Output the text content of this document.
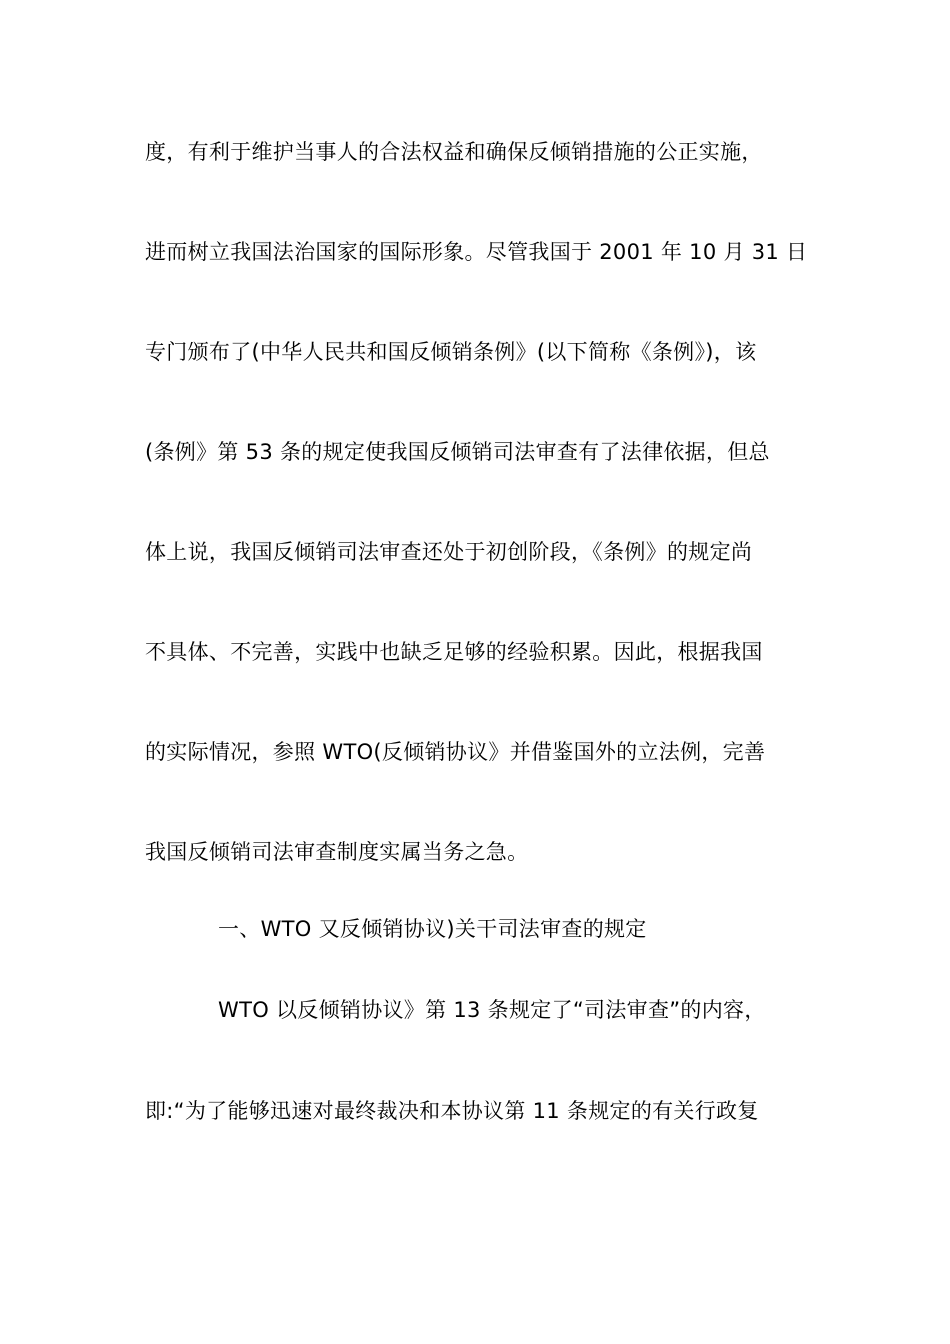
度，有利于维护当事人的合法权益和确保反倾销措施的公正实施，
进而树立我国法治国家的国际形象。尽管我国于 2001 年 10 月 31 日
专门颁布了(中华人民共和国反倾销条例》(以下简称《条例》)，该
(条例》第 53 条的规定使我国反倾销司法审查有了法律依据，但总
体上说，我国反倾销司法审查还处于初创阶段，《条例》的规定尚
不具体、不完善，实践中也缺乏足够的经验积累。因此，根据我国
的实际情况，参照 WTO(反倾销协议》并借鉴国外的立法例，完善
我国反倾销司法审查制度实属当务之急。
一、WTO 又反倾销协议)关干司法审查的规定
WTO 以反倾销协议》第 13 条规定了“司法审查”的内容，
即:“为了能够迅速对最终裁决和本协议第 11 条规定的有关行政复
